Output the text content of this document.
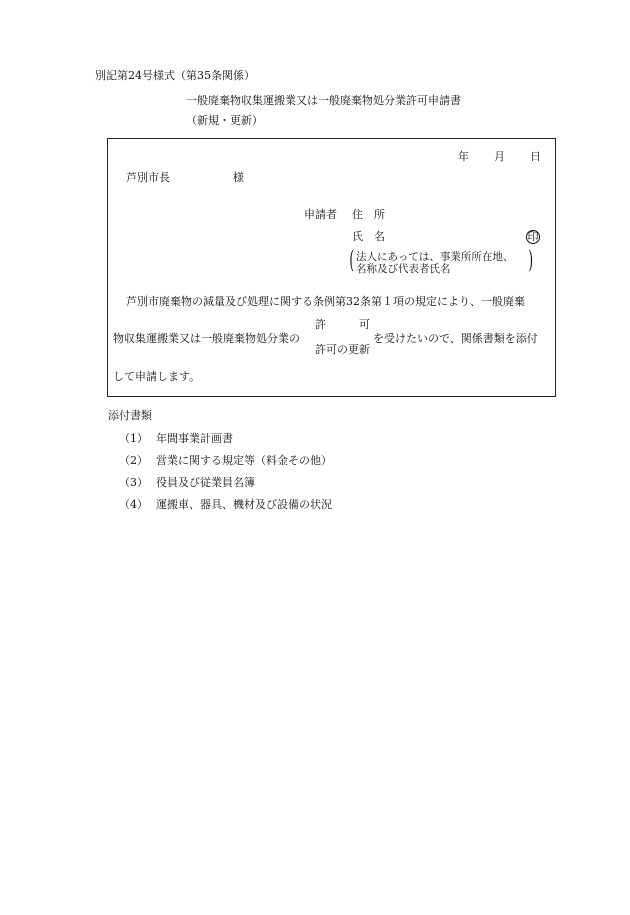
別記第24号様式（第35条関係）
一般廃棄物収集運搬業又は一般廃棄物処分業許可申請書
（新規・更新）
年 月 日
芦別市長	様
申請者 住　所
氏　名	印
( 法人にあっては、事業所所在地、
名称及び代表者氏名	)
芦別市廃棄物の減量及び処理に関する条例第32条第１項の規定により、一般廃棄
物収集運搬業又は一般廃棄物処分業の
許　　　可
許可の更新
を受けたいので、関係書類を添付
して申請します。
添付書類
（1） 年間事業計画書
（2） 営業に関する規定等（料金その他）
（3） 役員及び従業員名簿
（4） 運搬車、器具、機材及び設備の状況
